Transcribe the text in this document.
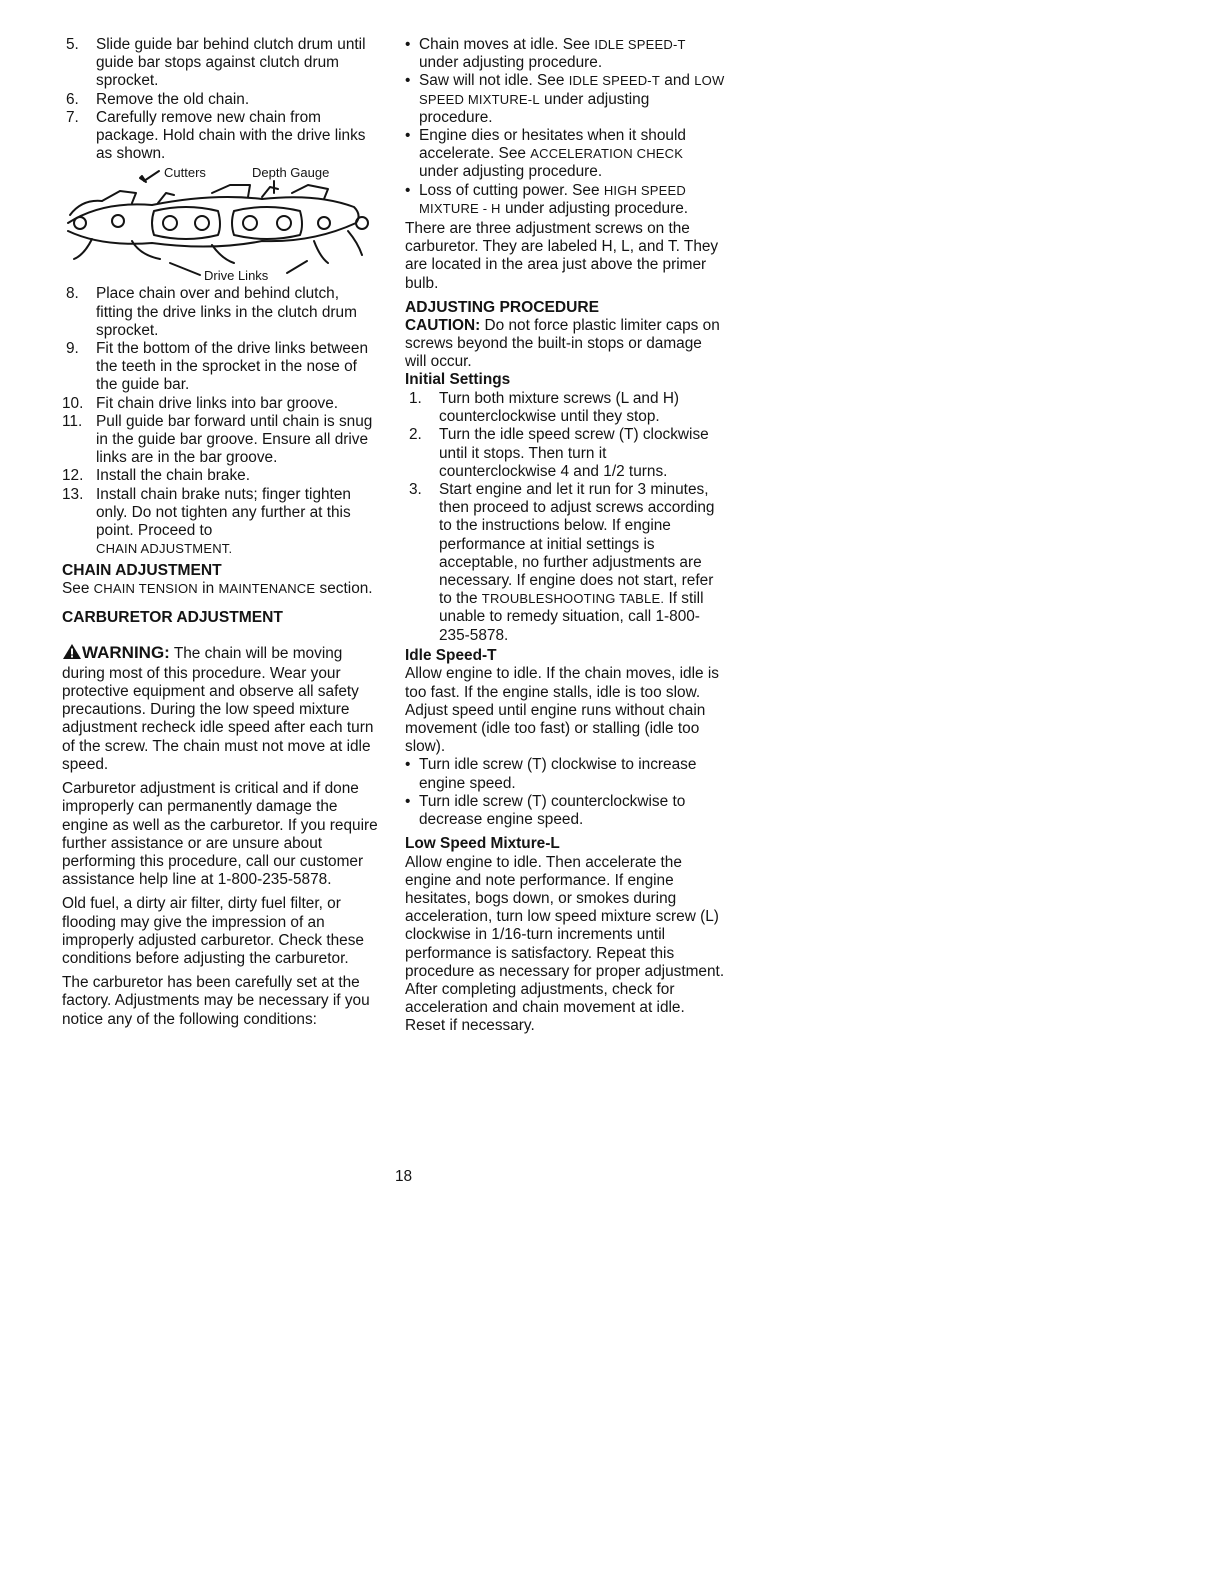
5.	Slide guide bar behind clutch drum until guide bar stops against clutch drum sprocket.
6.	Remove the old chain.
7.	Carefully remove new chain from package. Hold chain with the drive links as shown.
Cutters	Depth Gauge
Drive Links
8.	Place chain over and behind clutch, fitting the drive links in the clutch drum sprocket.
9.	Fit the bottom of the drive links between the teeth in the sprocket in the nose of the guide bar.
10. Fit chain drive links into bar groove.
11. Pull guide bar forward until chain is snug in the guide bar groove. Ensure all drive links are in the bar groove.
12. Install the chain brake.
13. Install chain brake nuts; finger tighten only. Do not tighten any further at this point. Proceed to
CHAIN ADJUSTMENT.
CHAIN ADJUSTMENT

See CHAIN TENSION in MAINTENANCE section.

CARBURETOR ADJUSTMENT

WARNING: The chain will be moving during most of this procedure. Wear your protective equipment and observe all safety precautions. During the low speed mixture adjustment recheck idle speed after each turn of the screw. The chain must not move at idle speed.

Carburetor adjustment is critical and if done improperly can permanently damage the engine as well as the carburetor. If you require further assistance or are unsure about performing this procedure, call our customer assistance help line at 1-800-235-5878.

Old fuel, a dirty air filter, dirty fuel filter, or flooding may give the impression of an improperly adjusted carburetor. Check these conditions before adjusting the carburetor.

The carburetor has been carefully set at the factory. Adjustments may be necessary if you notice any of the following conditions:

• Chain moves at idle. See IDLE SPEED-T under adjusting procedure.
• Saw will not idle. See IDLE SPEED-T and LOW SPEED MIXTURE-L under adjusting procedure.
• Engine dies or hesitates when it should accelerate. See ACCELERATION CHECK under adjusting procedure.
• Loss of cutting power. See HIGH SPEED MIXTURE - H under adjusting procedure.

There are three adjustment screws on the carburetor. They are labeled H, L, and T. They are located in the area just above the primer bulb.

ADJUSTING PROCEDURE

CAUTION: Do not force plastic limiter caps on screws beyond the built-in stops or damage will occur.

Initial Settings
1.	Turn both mixture screws (L and H) counterclockwise until they stop.
2.	Turn the idle speed screw (T) clockwise until it stops. Then turn it counterclockwise 4 and 1/2 turns.
3.	Start engine and let it run for 3 minutes, then proceed to adjust screws according to the instructions below. If engine performance at initial settings is acceptable, no further adjustments are necessary. If engine does not start, refer to the TROUBLESHOOTING TABLE. If still unable to remedy situation, call 1-800-235-5878.
Idle Speed-T

Allow engine to idle. If the chain moves, idle is too fast. If the engine stalls, idle is too slow. Adjust speed until engine runs without chain movement (idle too fast) or stalling (idle too slow).

• Turn idle screw (T) clockwise to increase engine speed.
• Turn idle screw (T) counterclockwise to decrease engine speed.
Low Speed Mixture-L

Allow engine to idle. Then accelerate the engine and note performance. If engine hesitates, bogs down, or smokes during acceleration, turn low speed mixture screw (L) clockwise in 1/16-turn increments until performance is satisfactory. Repeat this procedure as necessary for proper adjustment. After completing adjustments, check for acceleration and chain movement at idle. Reset if necessary.

18
